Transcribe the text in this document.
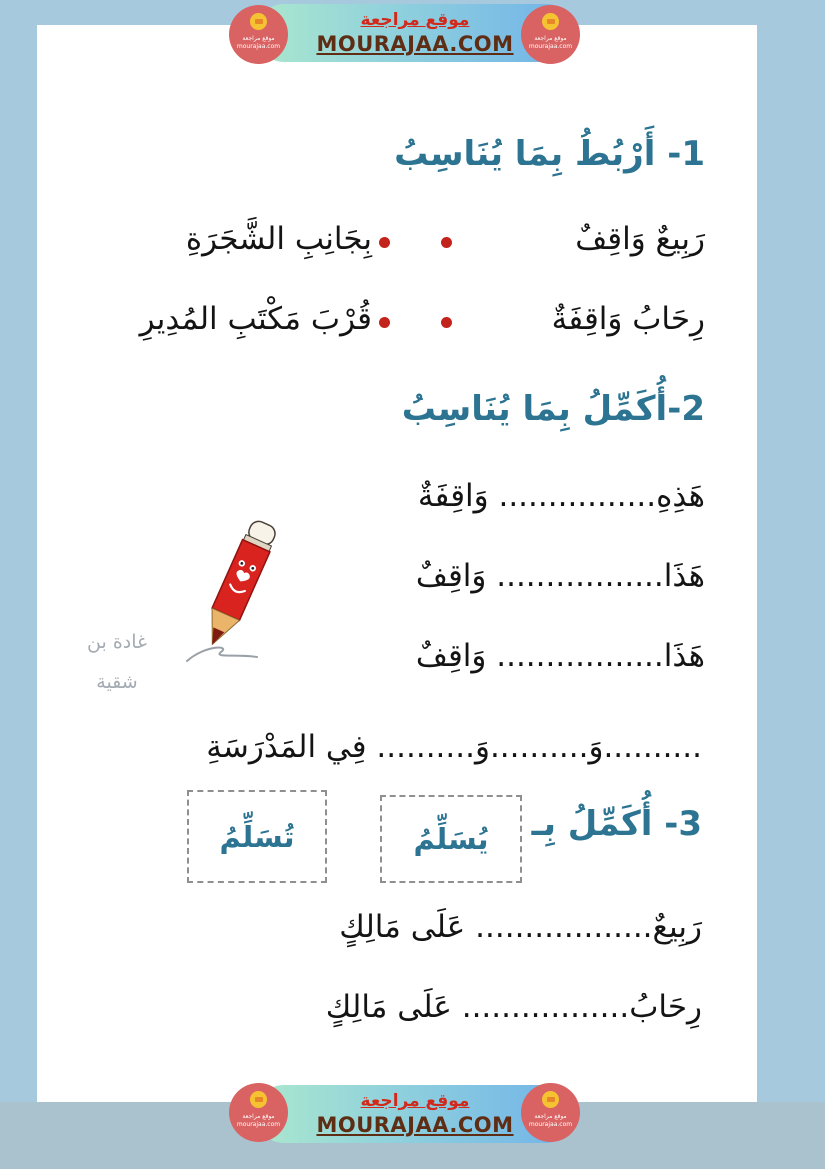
موقع مراجعة
mourajaa.com
موقع مراجعة
MOURAJAA.COM	موقع مراجعة
mourajaa.com
1- أَرْبُطُ بِمَا يُنَاسِبُ
رَبِيعٌ وَاقِفٌ
بِجَانِبِ الشَّجَرَةِ
رِحَابُ وَاقِفَةٌ
قُرْبَ مَكْتَبِ المُدِيرِ
2-أُكَمِّلُ بِمَا يُنَاسِبُ
هَذِهِ................ وَاقِفَةٌ
هَذَا................. وَاقِفٌ
هَذَا................. وَاقِفٌ
..........وَ..........وَ.......... فِي المَدْرَسَةِ
غادة بن
شقية
3- أُكَمِّلُ بِـ
يُسَلِّمُ
تُسَلِّمُ
رَبِيعٌ.................. عَلَى مَالِكٍ
رِحَابُ................. عَلَى مَالِكٍ
موقع مراجعة
mourajaa.com
موقع مراجعة
MOURAJAA.COM	موقع مراجعة
mourajaa.com
